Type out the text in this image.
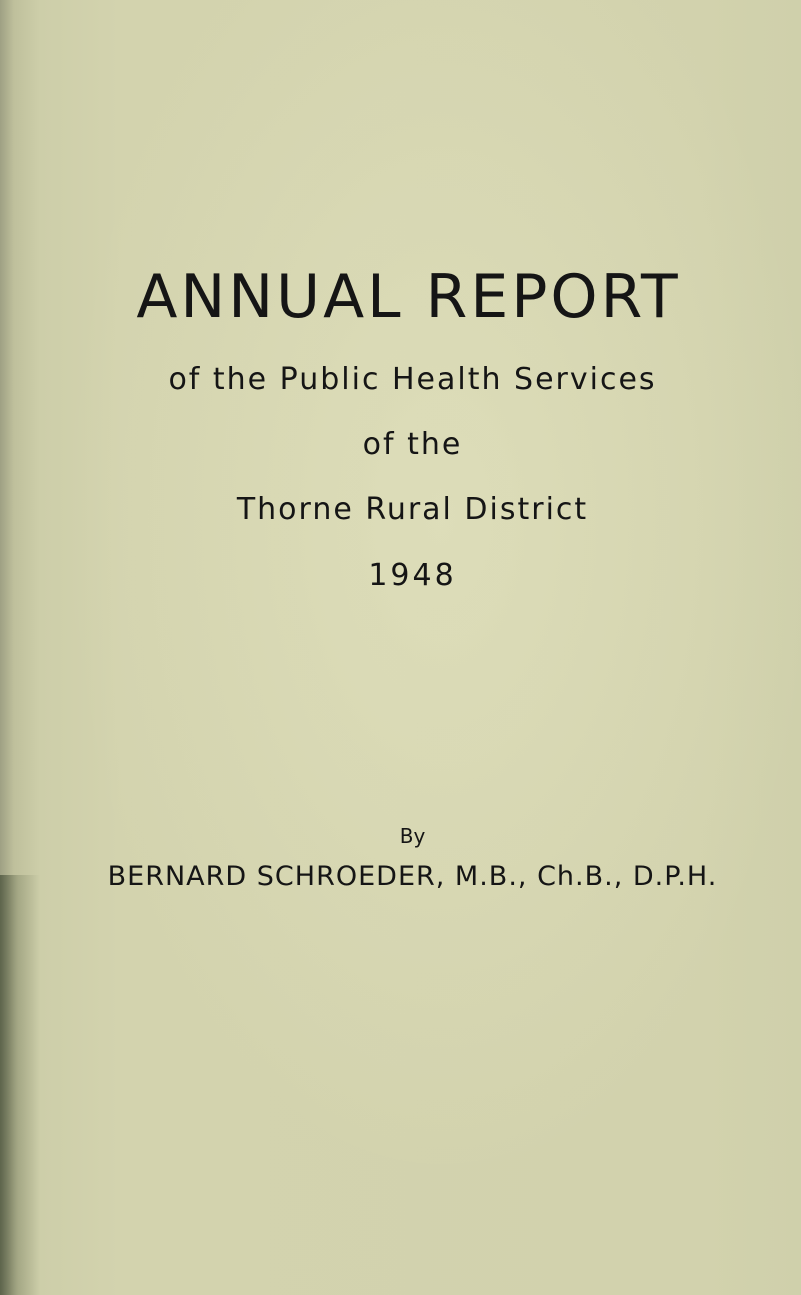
ANNUAL REPORT
of the Public Health Services
of the
Thorne Rural District
1948
By
BERNARD SCHROEDER, M.B., Ch.B., D.P.H.
